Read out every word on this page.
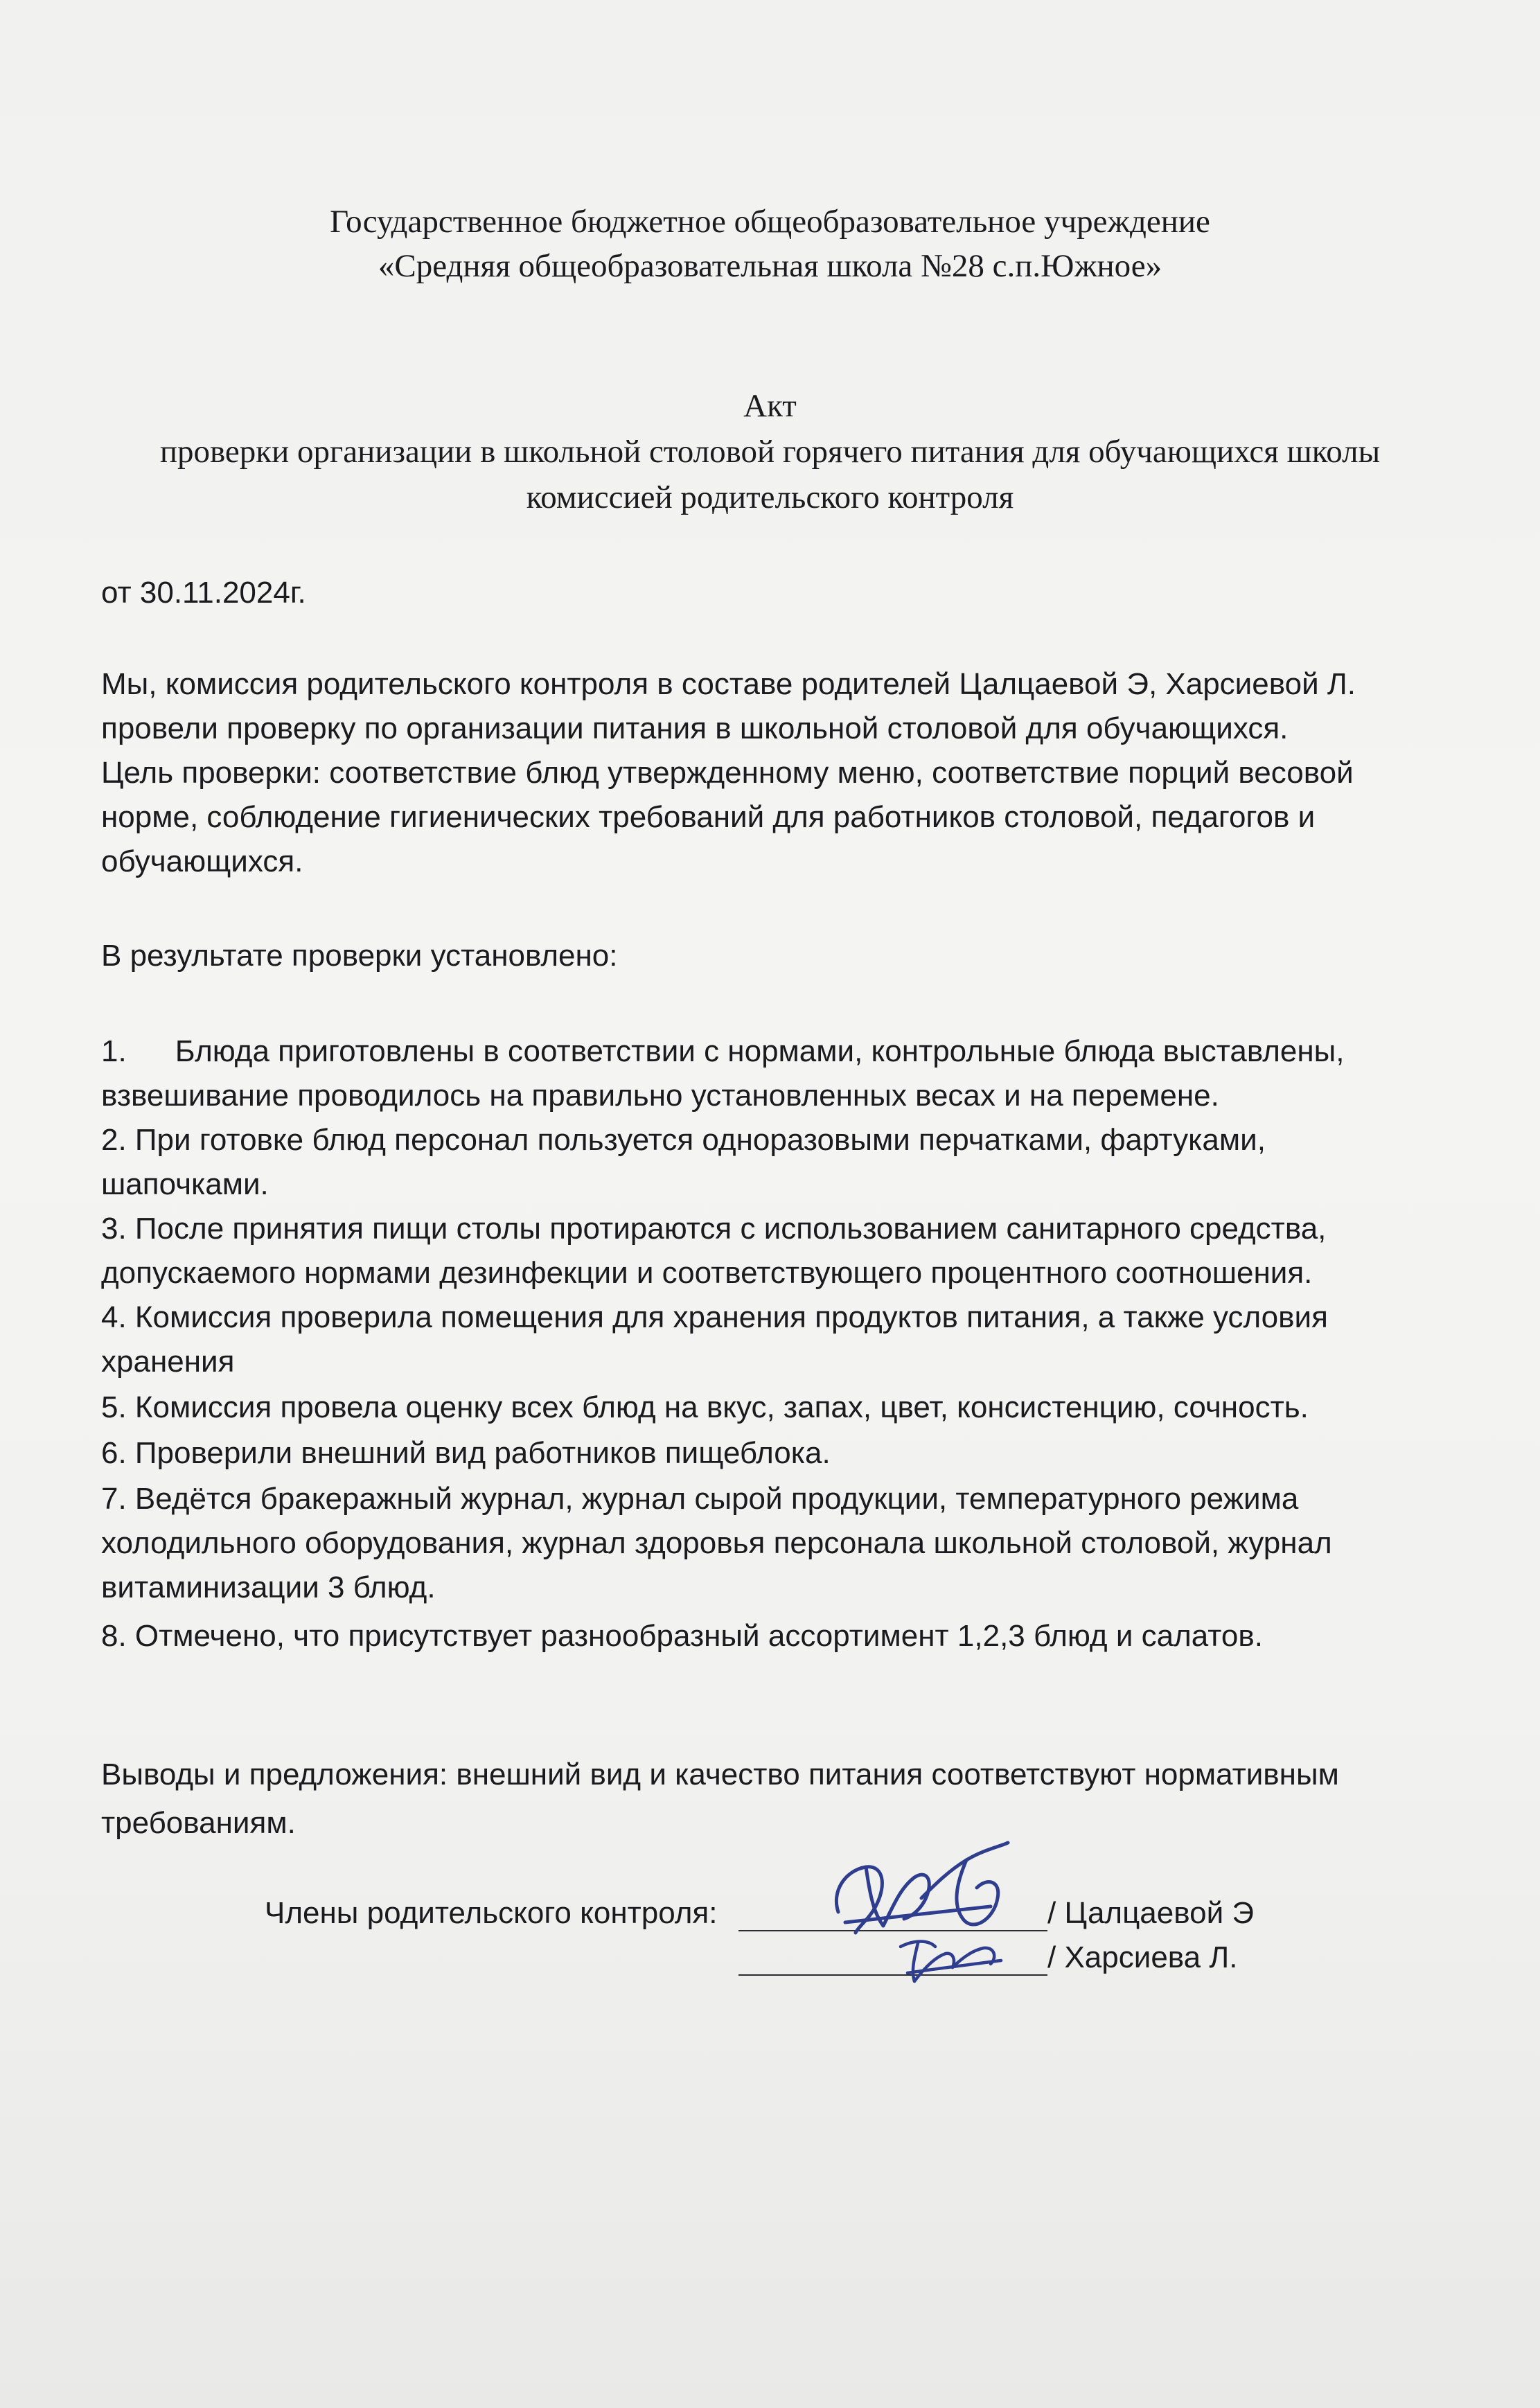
Государственное бюджетное общеобразовательное учреждение
«Средняя общеобразовательная школа №28 с.п.Южное»
Акт
проверки организации в школьной столовой горячего питания для обучающихся школы
комиссией родительского контроля
от 30.11.2024г.
Мы, комиссия родительского контроля в составе родителей Цалцаевой Э, Харсиевой Л.
провели проверку по организации питания в школьной столовой для обучающихся.
Цель проверки: соответствие блюд утвержденному меню, соответствие порций весовой
норме, соблюдение гигиенических требований для работников столовой, педагогов и
обучающихся.
В результате проверки установлено:
1. Блюда приготовлены в соответствии с нормами, контрольные блюда выставлены,
взвешивание проводилось на правильно установленных весах и на перемене.
2. При готовке блюд персонал пользуется одноразовыми перчатками, фартуками,
шапочками.
3. После принятия пищи столы протираются с использованием санитарного средства,
допускаемого нормами дезинфекции и соответствующего процентного соотношения.
4. Комиссия проверила помещения для хранения продуктов питания, а также условия
хранения
5. Комиссия провела оценку всех блюд на вкус, запах, цвет, консистенцию, сочность.
6. Проверили внешний вид работников пищеблока.
7. Ведётся бракеражный журнал, журнал сырой продукции, температурного режима
холодильного оборудования, журнал здоровья персонала школьной столовой, журнал
витаминизации 3 блюд.
8. Отмечено, что присутствует разнообразный ассортимент 1,2,3 блюд и салатов.
Выводы и предложения: внешний вид и качество питания соответствуют нормативным
требованиям.
Члены родительского контроля:	/ Цалцаевой Э
/ Харсиева Л.
